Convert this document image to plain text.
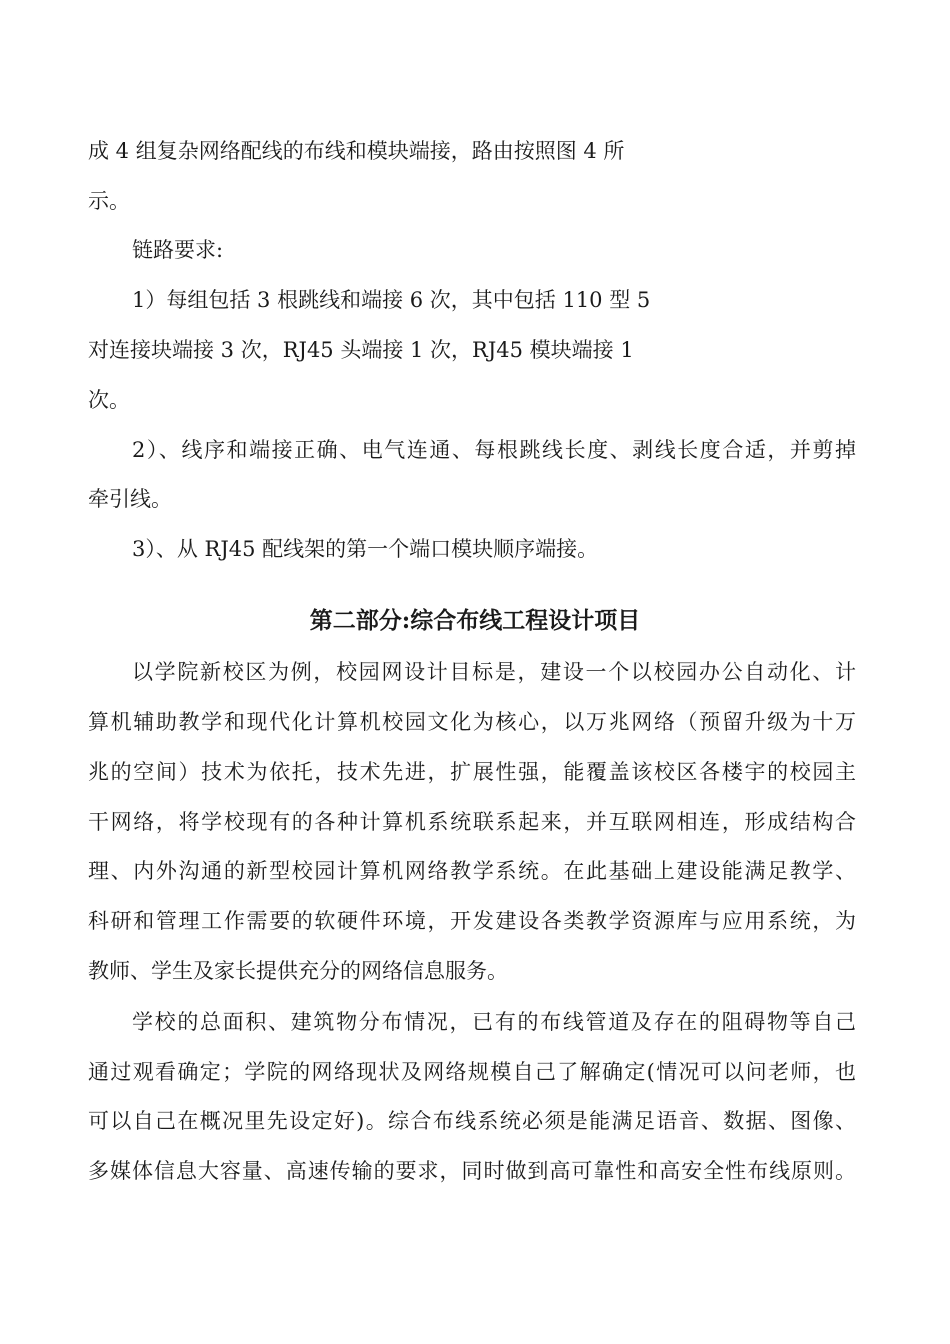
成 4 组复杂网络配线的布线和模块端接，路由按照图 4 所
示。
链路要求:
1）每组包括 3 根跳线和端接 6 次，其中包括 110 型 5
对连接块端接 3 次，RJ45 头端接 1 次，RJ45 模块端接 1
次。
2）、线序和端接正确、电气连通、每根跳线长度、剥线长度合适，并剪掉
牵引线。
3）、从 RJ45 配线架的第一个端口模块顺序端接。
第二部分:综合布线工程设计项目
以学院新校区为例，校园网设计目标是，建设一个以校园办公自动化、计
算机辅助教学和现代化计算机校园文化为核心，以万兆网络（预留升级为十万
兆的空间）技术为依托，技术先进，扩展性强，能覆盖该校区各楼宇的校园主
干网络，将学校现有的各种计算机系统联系起来，并互联网相连，形成结构合
理、内外沟通的新型校园计算机网络教学系统。在此基础上建设能满足教学、
科研和管理工作需要的软硬件环境，开发建设各类教学资源库与应用系统，为
教师、学生及家长提供充分的网络信息服务。
学校的总面积、建筑物分布情况，已有的布线管道及存在的阻碍物等自己
通过观看确定；学院的网络现状及网络规模自己了解确定(情况可以问老师，也
可以自己在概况里先设定好)。综合布线系统必须是能满足语音、数据、图像、
多媒体信息大容量、高速传输的要求，同时做到高可靠性和高安全性布线原则。
